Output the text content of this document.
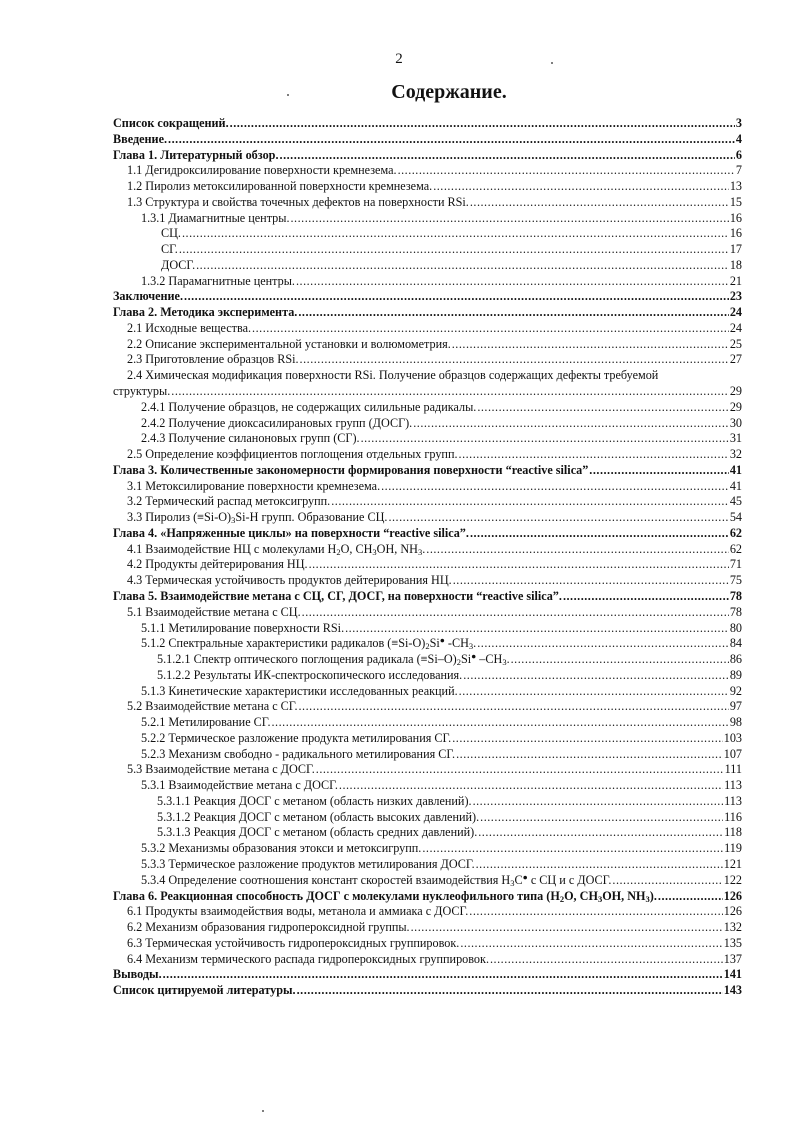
2
Содержание.
Список сокращений. .....	3
Введение. .....	4
Глава 1. Литературный обзор. .....	6
1.1 Дегидроксилирование поверхности кремнезема. .....	7
1.2 Пиролиз метоксилированной поверхности кремнезема. .....	13
1.3 Структура и свойства точечных дефектов на поверхности RSi. .....	15
1.3.1 Диамагнитные центры. .....	16
СЦ. .....	16
СГ. .....	17
ДОСГ. .....	18
1.3.2 Парамагнитные центры. .....	21
Заключение. .....	23
Глава 2. Методика эксперимента. .....	24
2.1 Исходные вещества. .....	24
2.2 Описание экспериментальной установки и волюмометрия. .....	25
2.3 Приготовление образцов RSi. .....	27
2.4 Химическая модификация поверхности RSi. Получение образцов содержащих дефекты требуемой
структуры. .....	29
2.4.1 Получение образцов, не содержащих силильные радикалы. .....	29
2.4.2 Получение диоксасилирановых групп (ДОСГ). .....	30
2.4.3 Получение силаноновых групп (СГ). .....	31
2.5 Определение коэффициентов поглощения отдельных групп. .....	32
Глава 3. Количественные закономерности формирования поверхности “reactive silica” .....	41
3.1 Метоксилирование поверхности кремнезема. .....	41
3.2 Термический распад метоксигрупп. .....	45
3.3 Пиролиз $(\equiv Si-O)_3Si-H$ групп. Образование СЦ. .....	54
Глава 4. «Напряженные циклы» на поверхности “reactive silica”. .....	62
4.1 Взаимодействие НЦ с молекулами $H_2O$, $CH_3OH$, $NH_3$. .....	62
4.2 Продукты дейтерирования НЦ. .....	71
4.3 Термическая устойчивость продуктов дейтерирования НЦ. .....	75
Глава 5. Взаимодействие метана с СЦ, СГ, ДОСГ, на поверхности “reactive silica”. .....	78
5.1 Взаимодействие метана с СЦ. .....	78
5.1.1 Метилирование поверхности RSi. .....	80
5.1.2 Спектральные характеристики радикалов $(\equiv Si-O)_2Si^●$ $-CH_3$. .....	84
5.1.2.1 Спектр оптического поглощения радикала $(\equiv Si-O)_2Si^●$ $-CH_3$. .....	86
5.1.2.2 Результаты ИК-спектроскопического исследования. .....	89
5.1.3 Кинетические характеристики исследованных реакций. .....	92
5.2 Взаимодействие метана с СГ. .....	97
5.2.1 Метилирование СГ. .....	98
5.2.2 Термическое разложение продукта метилирования СГ. .....	103
5.2.3 Механизм свободно - радикального метилирования СГ. .....	107
5.3 Взаимодействие метана с ДОСГ. .....	111
5.3.1 Взаимодействие метана с ДОСГ. .....	113
5.3.1.1 Реакция ДОСГ с метаном (область низких давлений). .....	113
5.3.1.2 Реакция ДОСГ с метаном (область высоких давлений). .....	116
5.3.1.3 Реакция ДОСГ с метаном (область средних давлений). .....	118
5.3.2 Механизмы образования этокси и метоксигрупп. .....	119
5.3.3 Термическое разложение продуктов метилирования ДОСГ. .....	121
5.3.4 Определение соотношения констант скоростей взаимодействия $H_3C^●$ с СЦ и с ДОСГ. .....	122
Глава 6. Реакционная способность ДОСГ с молекулами нуклеофильного типа ($H_2O$, $CH_3OH$, $NH_3$). .....	126
6.1 Продукты взаимодействия воды, метанола и аммиака с ДОСГ. .....	126
6.2 Механизм образования гидропероксидной группы. .....	132
6.3 Термическая устойчивость гидропероксидных группировок. .....	135
6.4 Механизм термического распада гидропероксидных группировок. .....	137
Выводы. .....	141
Список цитируемой литературы. .....	143
